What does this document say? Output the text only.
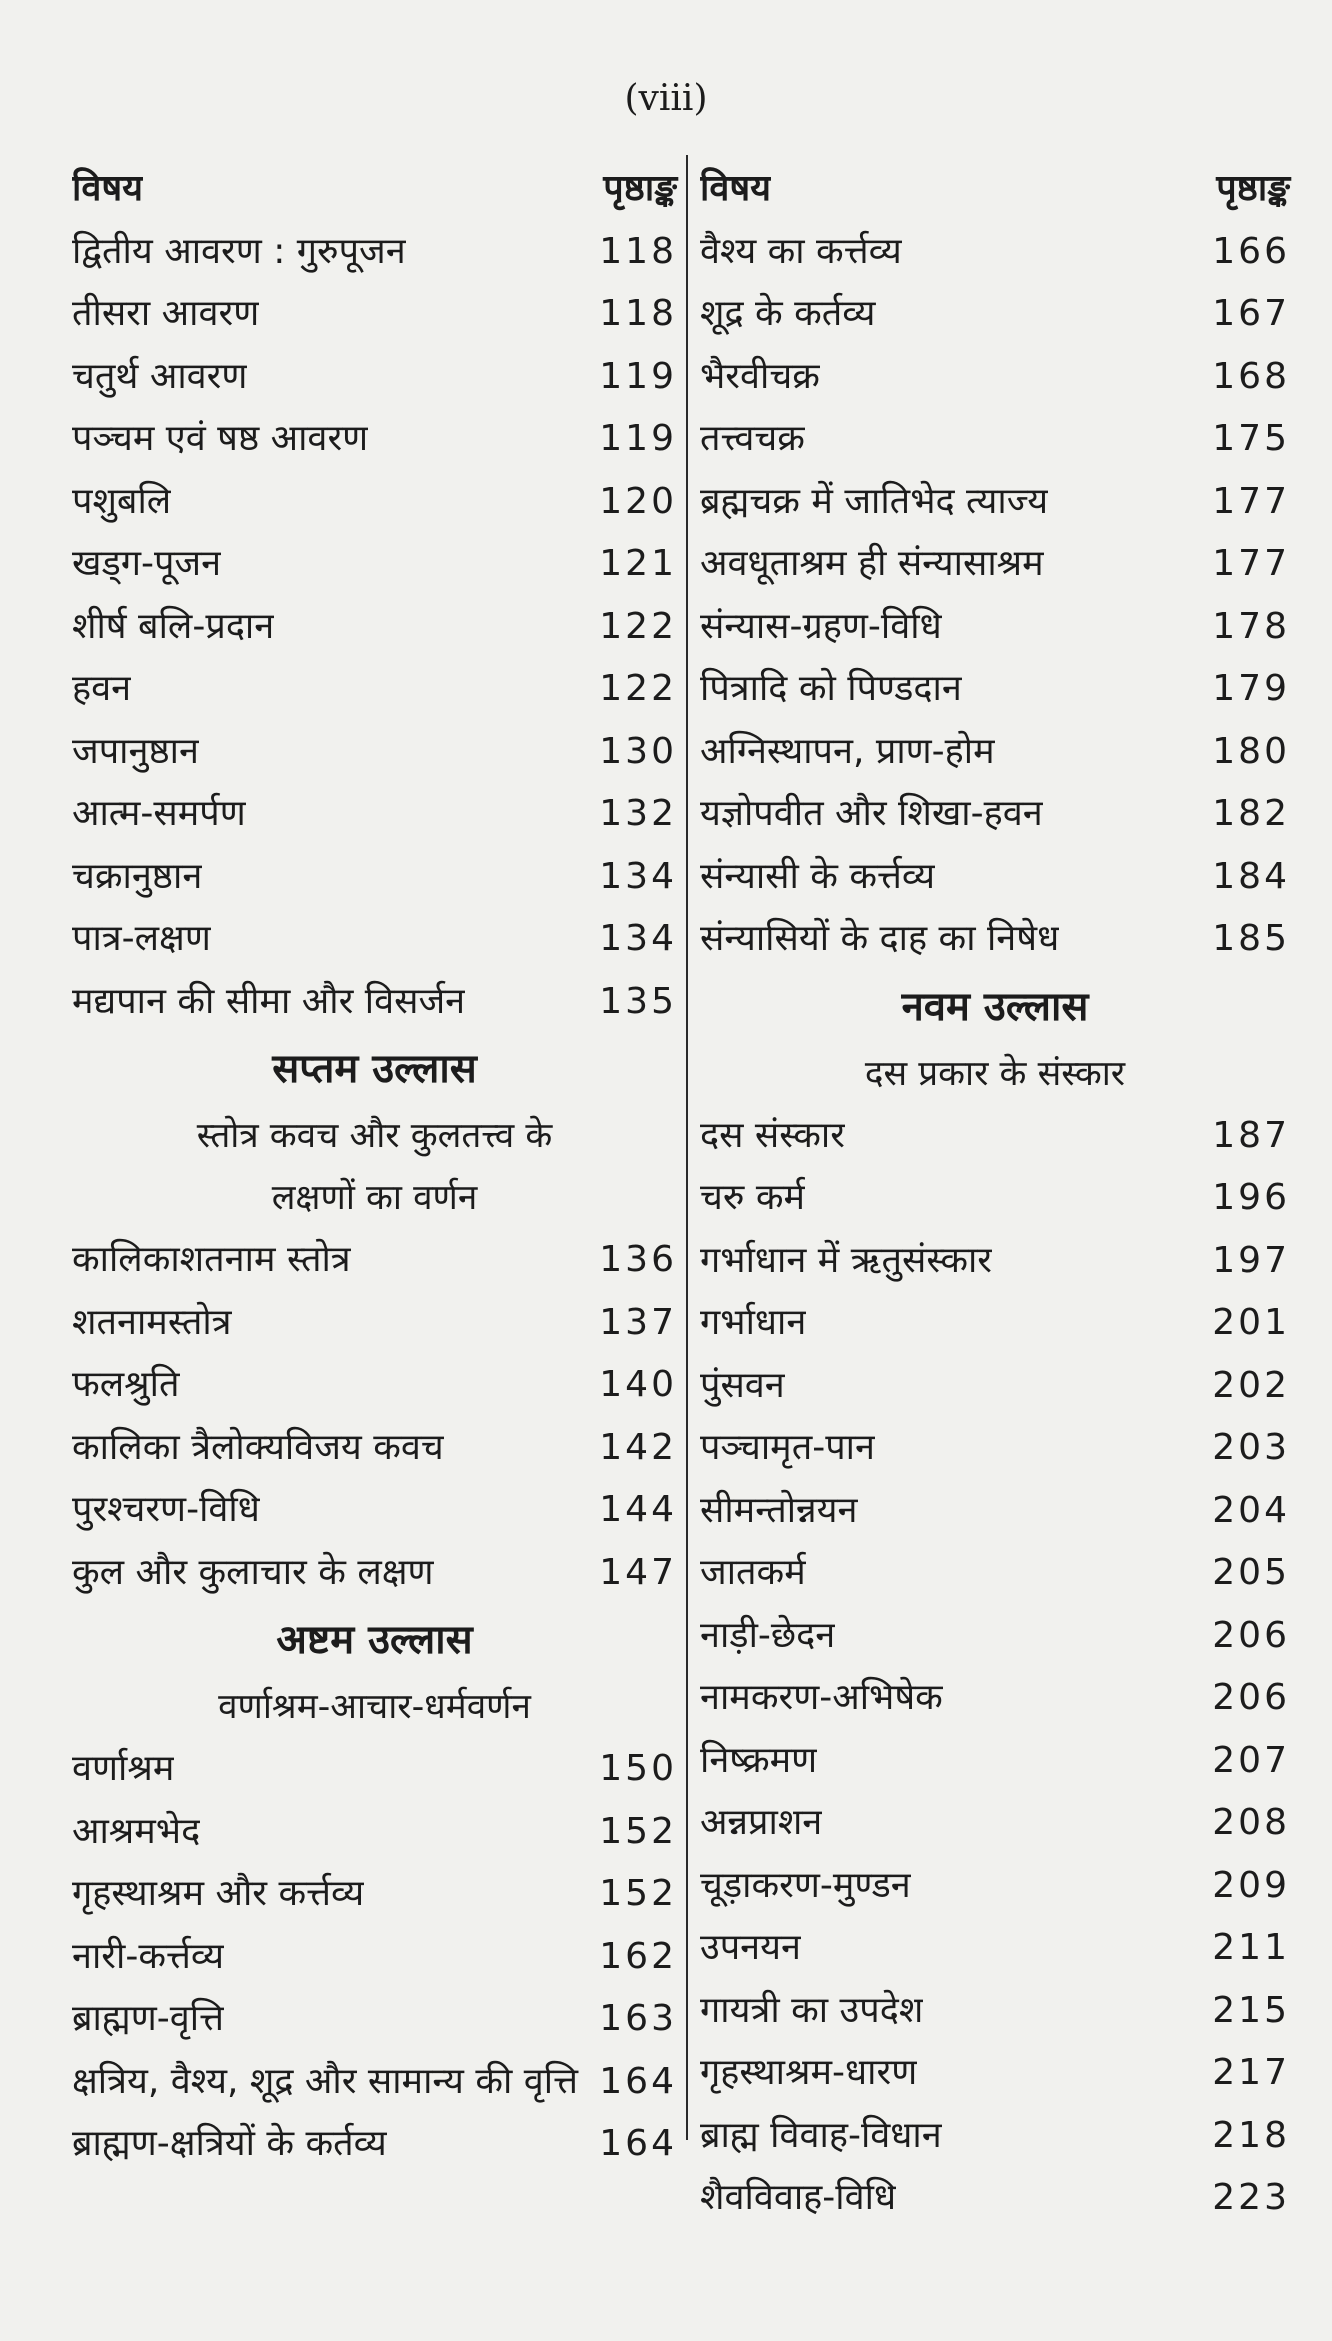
(viii)
विषय	पृष्ठाङ्क
द्वितीय आवरण : गुरुपूजन	118
तीसरा आवरण	118
चतुर्थ आवरण	119
पञ्चम एवं षष्ठ आवरण	119
पशुबलि	120
खड्ग-पूजन	121
शीर्ष बलि-प्रदान	122
हवन	122
जपानुष्ठान	130
आत्म-समर्पण	132
चक्रानुष्ठान	134
पात्र-लक्षण	134
मद्यपान की सीमा और विसर्जन	135
सप्तम उल्लास
स्तोत्र कवच और कुलतत्त्व के
लक्षणों का वर्णन
कालिकाशतनाम स्तोत्र	136
शतनामस्तोत्र	137
फलश्रुति	140
कालिका त्रैलोक्यविजय कवच	142
पुरश्चरण-विधि	144
कुल और कुलाचार के लक्षण	147
अष्टम उल्लास
वर्णाश्रम-आचार-धर्मवर्णन
वर्णाश्रम	150
आश्रमभेद	152
गृहस्थाश्रम और कर्त्तव्य	152
नारी-कर्त्तव्य	162
ब्राह्मण-वृत्ति	163
क्षत्रिय, वैश्य, शूद्र और सामान्य की वृत्ति 164
ब्राह्मण-क्षत्रियों के कर्तव्य	164
विषय	पृष्ठाङ्क
वैश्य का कर्त्तव्य	166
शूद्र के कर्तव्य	167
भैरवीचक्र	168
तत्त्वचक्र	175
ब्रह्मचक्र में जातिभेद त्याज्य	177
अवधूताश्रम ही संन्यासाश्रम	177
संन्यास-ग्रहण-विधि	178
पित्रादि को पिण्डदान	179
अग्निस्थापन, प्राण-होम	180
यज्ञोपवीत और शिखा-हवन	182
संन्यासी के कर्त्तव्य	184
संन्यासियों के दाह का निषेध	185
नवम उल्लास
दस प्रकार के संस्कार
दस संस्कार	187
चरु कर्म	196
गर्भाधान में ऋतुसंस्कार	197
गर्भाधान	201
पुंसवन	202
पञ्चामृत-पान	203
सीमन्तोन्नयन	204
जातकर्म	205
नाड़ी-छेदन	206
नामकरण-अभिषेक	206
निष्क्रमण	207
अन्नप्राशन	208
चूड़ाकरण-मुण्डन	209
उपनयन	211
गायत्री का उपदेश	215
गृहस्थाश्रम-धारण	217
ब्राह्म विवाह-विधान	218
शैवविवाह-विधि	223
